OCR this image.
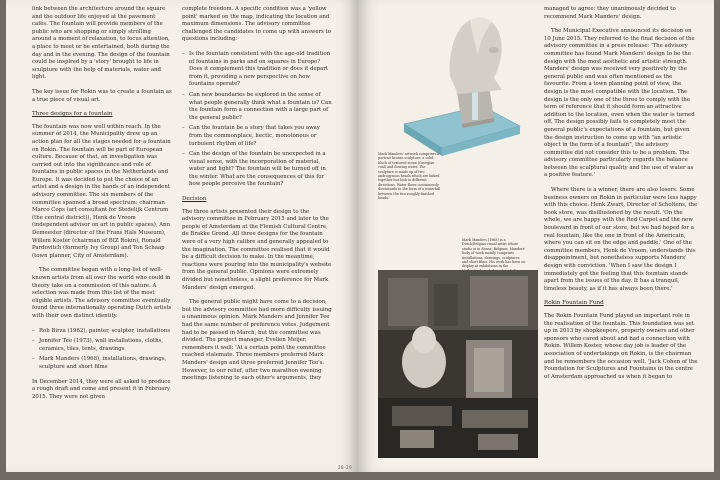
link between the architecture around the square and the outdoor life enjoyed at the pavement cafés. The fountain will provide members of the public who are shopping or simply strolling around a moment of relaxation, to focus attention, a place to meet or be entertained, both during the day and in the evening. The design of the fountain could be inspired by a 'story' brought to life in sculpture with the help of materials, water and light.

The key issue for Rokin was to create a fountain as a true piece of visual art.

Three designs for a fountain

The fountain was now well within reach. In the summer of 2014, the Municipality drew up an action plan for all the stages needed for a fountain on Rokin. The fountain will be part of European culture. Because of that, an investigation was carried out into the significance and role of fountains in public spaces in the Netherlands and Europe. It was decided to put the choice of an artist and a design in the hands of an independent advisory committee. The six members of the committee spanned a broad spectrum: chairman Marco Cops (art consultant for Stedelijk Centrum (the central district)), Henk de Vroom (independent advisor on art in public spaces), Ann Demeester (director of the Frans Hals Museum), Willem Koster (chairman of BIZ Rokin), Ronald Pardovitch (formerly Ivy Group) and Ton Schaap (town planner, City of Amsterdam).

The committee began with a long-list of well-known artists from all over the world who could in theory take on a commission of this nature. A selection was made from this list of the most eligible artists. The advisory committee eventually found three internationally operating Dutch artists with their own distinct identity.

– Rob Birza (1962), painter, sculptor, installations
– Jennifer Tee (1973), wall installations, cloths, ceramics, tiles, tents, drawings
– Mark Manders (1968), installations, drawings, sculpture and short films

In December 2014, they were all asked to produce a rough draft and come and present it in February 2015. They were not given

complete freedom. A specific condition was a 'yellow point' marked on the map, indicating the location and maximum dimensions. The advisory committee challenged the candidates to come up with answers to questions including:

– Is the fountain consistent with the age-old tradition of fountains in parks and on squares in Europe? Does it complement this tradition or does it depart from it, providing a new perspective on how fountains operate?
– Can new boundaries be explored in the sense of what people generally think what a fountain is? Can the fountain form a connection with a large part of the general public?
– Can the fountain be a story that takes you away from the commonplace, hectic, monotonous or turbulent rhythm of life?
– Can the design of the fountain be unexpected in a visual sense, with the incorporation of material, water and light? The fountain will be turned off in the winter. What are the consequences of this for how people perceive the fountain?
Decision

The three artists presented their design to the advisory committee in February 2015 and later to the people of Amsterdam at the Flemish Cultural Centre, de Brakke Grond. All three designs for the fountain were of a very high calibre and generally appealed to the imagination. The committee realised that it would be a difficult decision to make. In the meantime, reactions were pouring into the municipality's website from the general public. Opinions were extremely divided but nonetheless, a slight preference for Mark Manders' design emerged.

The general public might have come to a decision, but the advisory committee had more difficulty issuing a unanimous opinion. Mark Manders and Jennifer Tee had the same number of preference votes. Judgement had to be passed in March, but the committee was divided. The project manager, Evelien Meijer, remembers it well: 'At a certain point the committee reached stalemate. Three members preferred Mark Manders' design and three preferred Jennifer Tee's. However, to our relief, after two marathon evening meetings listening to each other's arguments, they

Mark Manders' artwork comprises a portrait bronze sculpture, a solid block of textured stone (Georgian coal) and flowing water. The sculpture is made up of two androgynous heads which are linked together but look in different directions. Water flows continuously downwards in the form of a waterfall between the two roughly finished heads.
Mark Manders (1968) is a Dutch/Belgian visual artist whose studio is in Ronse, Belgium. Manders' body of work mainly comprises installations, drawings, sculptures and short films. His work has been on display at exhibitions in the

managed to agree: they unanimously decided to recommend Mark Manders' design.

The Municipal Executive announced its decision on 10 June 2015. They referred to the final decision of the advisory committee in a press release: 'The advisory committee has found Mark Manders' design to be the design with the most aesthetic and artistic strength. Manders' design was received very positively by the general public and was often mentioned as the favourite. From a town planning point of view, the design is the most compatible with the location. The design is the only one of the three to comply with the term of reference that it should form an attractive addition to the location, even when the water is turned off. The design possibly fails to completely meet the general public's expectations of a fountain, but given the design instruction to come up with "an artistic object in the form of a fountain", the advisory committee did not consider this to be a problem. The advisory committee particularly regards the balance between the sculptural quality and the use of water as a positive feature.'

Where there is a winner, there are also losers. Some business owners on Rokin in particular were less happy with this choice. Henk Zwart, Director of Scholtens, the book store, was disillusioned by the result. 'On the whole, we are happy with the Red Carpet and the new boulevard in front of our store, but we had hoped for a real fountain, like the one in front of the Americain, where you can sit on the edge and paddle.' One of the committee members, Henk de Vroom, understands this disappointment, but nonetheless supports Manders' design with conviction. 'When I saw the design I immediately got the feeling that this fountain stands apart from the issues of the day. It has a tranquil, timeless beauty, as if it has always been there.'

Rokin Fountain Fund

The Rokin Fountain Fund played an important role in the realisation of the fountain. This foundation was set up in 2013 by shopkeepers, property owners and other sponsors who cared about and had a connection with Rokin. Willem Koster, whose day job is leader of the association of undertakings on Rokin, is the chairman and he remembers the occasion well. 'Jack Cohen of the Foundation for Sculptures and Fountains in the centre of Amsterdam approached us when it began to

28-29
